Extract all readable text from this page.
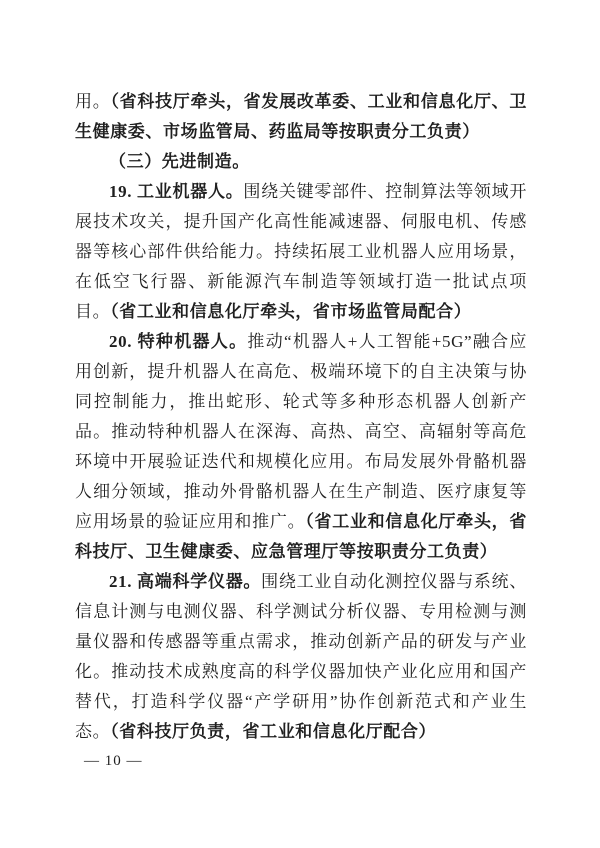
用。（省科技厅牵头，省发展改革委、工业和信息化厅、卫生健康委、市场监管局、药监局等按职责分工负责）

（三）先进制造。

19. 工业机器人。围绕关键零部件、控制算法等领域开展技术攻关，提升国产化高性能减速器、伺服电机、传感器等核心部件供给能力。持续拓展工业机器人应用场景，在低空飞行器、新能源汽车制造等领域打造一批试点项目。（省工业和信息化厅牵头，省市场监管局配合）

20. 特种机器人。推动“机器人+人工智能+5G”融合应用创新，提升机器人在高危、极端环境下的自主决策与协同控制能力，推出蛇形、轮式等多种形态机器人创新产品。推动特种机器人在深海、高热、高空、高辐射等高危环境中开展验证迭代和规模化应用。布局发展外骨骼机器人细分领域，推动外骨骼机器人在生产制造、医疗康复等应用场景的验证应用和推广。（省工业和信息化厅牵头，省科技厅、卫生健康委、应急管理厅等按职责分工负责）

21. 高端科学仪器。围绕工业自动化测控仪器与系统、信息计测与电测仪器、科学测试分析仪器、专用检测与测量仪器和传感器等重点需求，推动创新产品的研发与产业化。推动技术成熟度高的科学仪器加快产业化应用和国产替代，打造科学仪器“产学研用”协作创新范式和产业生态。（省科技厅负责，省工业和信息化厅配合）

— 10 —
